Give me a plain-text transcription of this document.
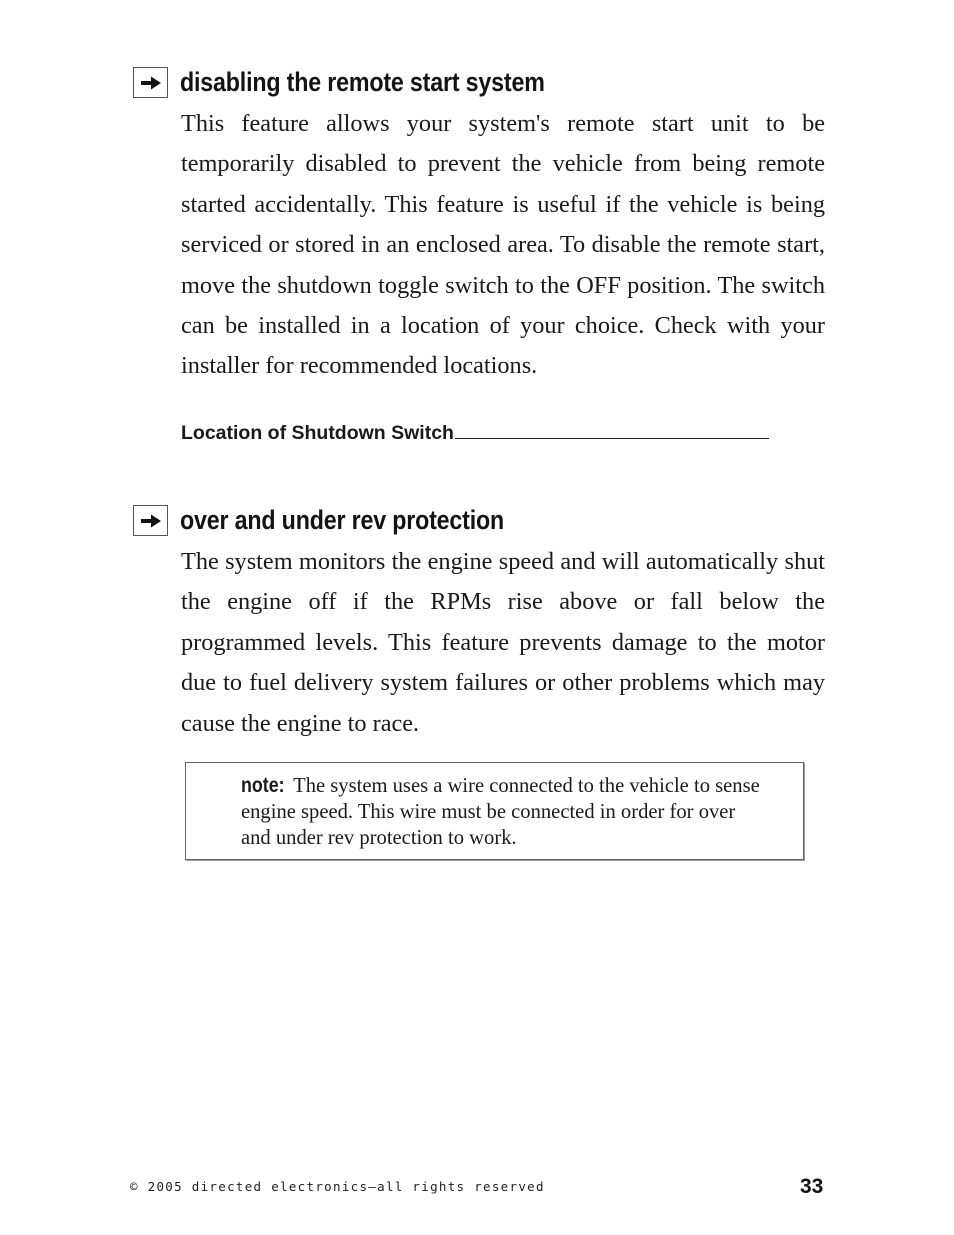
disabling the remote start system

This feature allows your system's remote start unit to be temporarily disabled to prevent the vehicle from being remote started accidentally. This feature is useful if the vehicle is being serviced or stored in an enclosed area. To disable the remote start, move the shutdown toggle switch to the OFF position. The switch can be installed in a location of your choice. Check with your installer for recommended locations.

Location of Shutdown Switch
over and under rev protection

The system monitors the engine speed and will automatically shut the engine off if the RPMs rise above or fall below the programmed levels. This feature prevents damage to the motor due to fuel delivery system failures or other problems which may cause the engine to race.

note: The system uses a wire connected to the vehicle to sense engine speed. This wire must be connected in order for over and under rev protection to work.

© 2005 directed electronics—all rights reserved	33
